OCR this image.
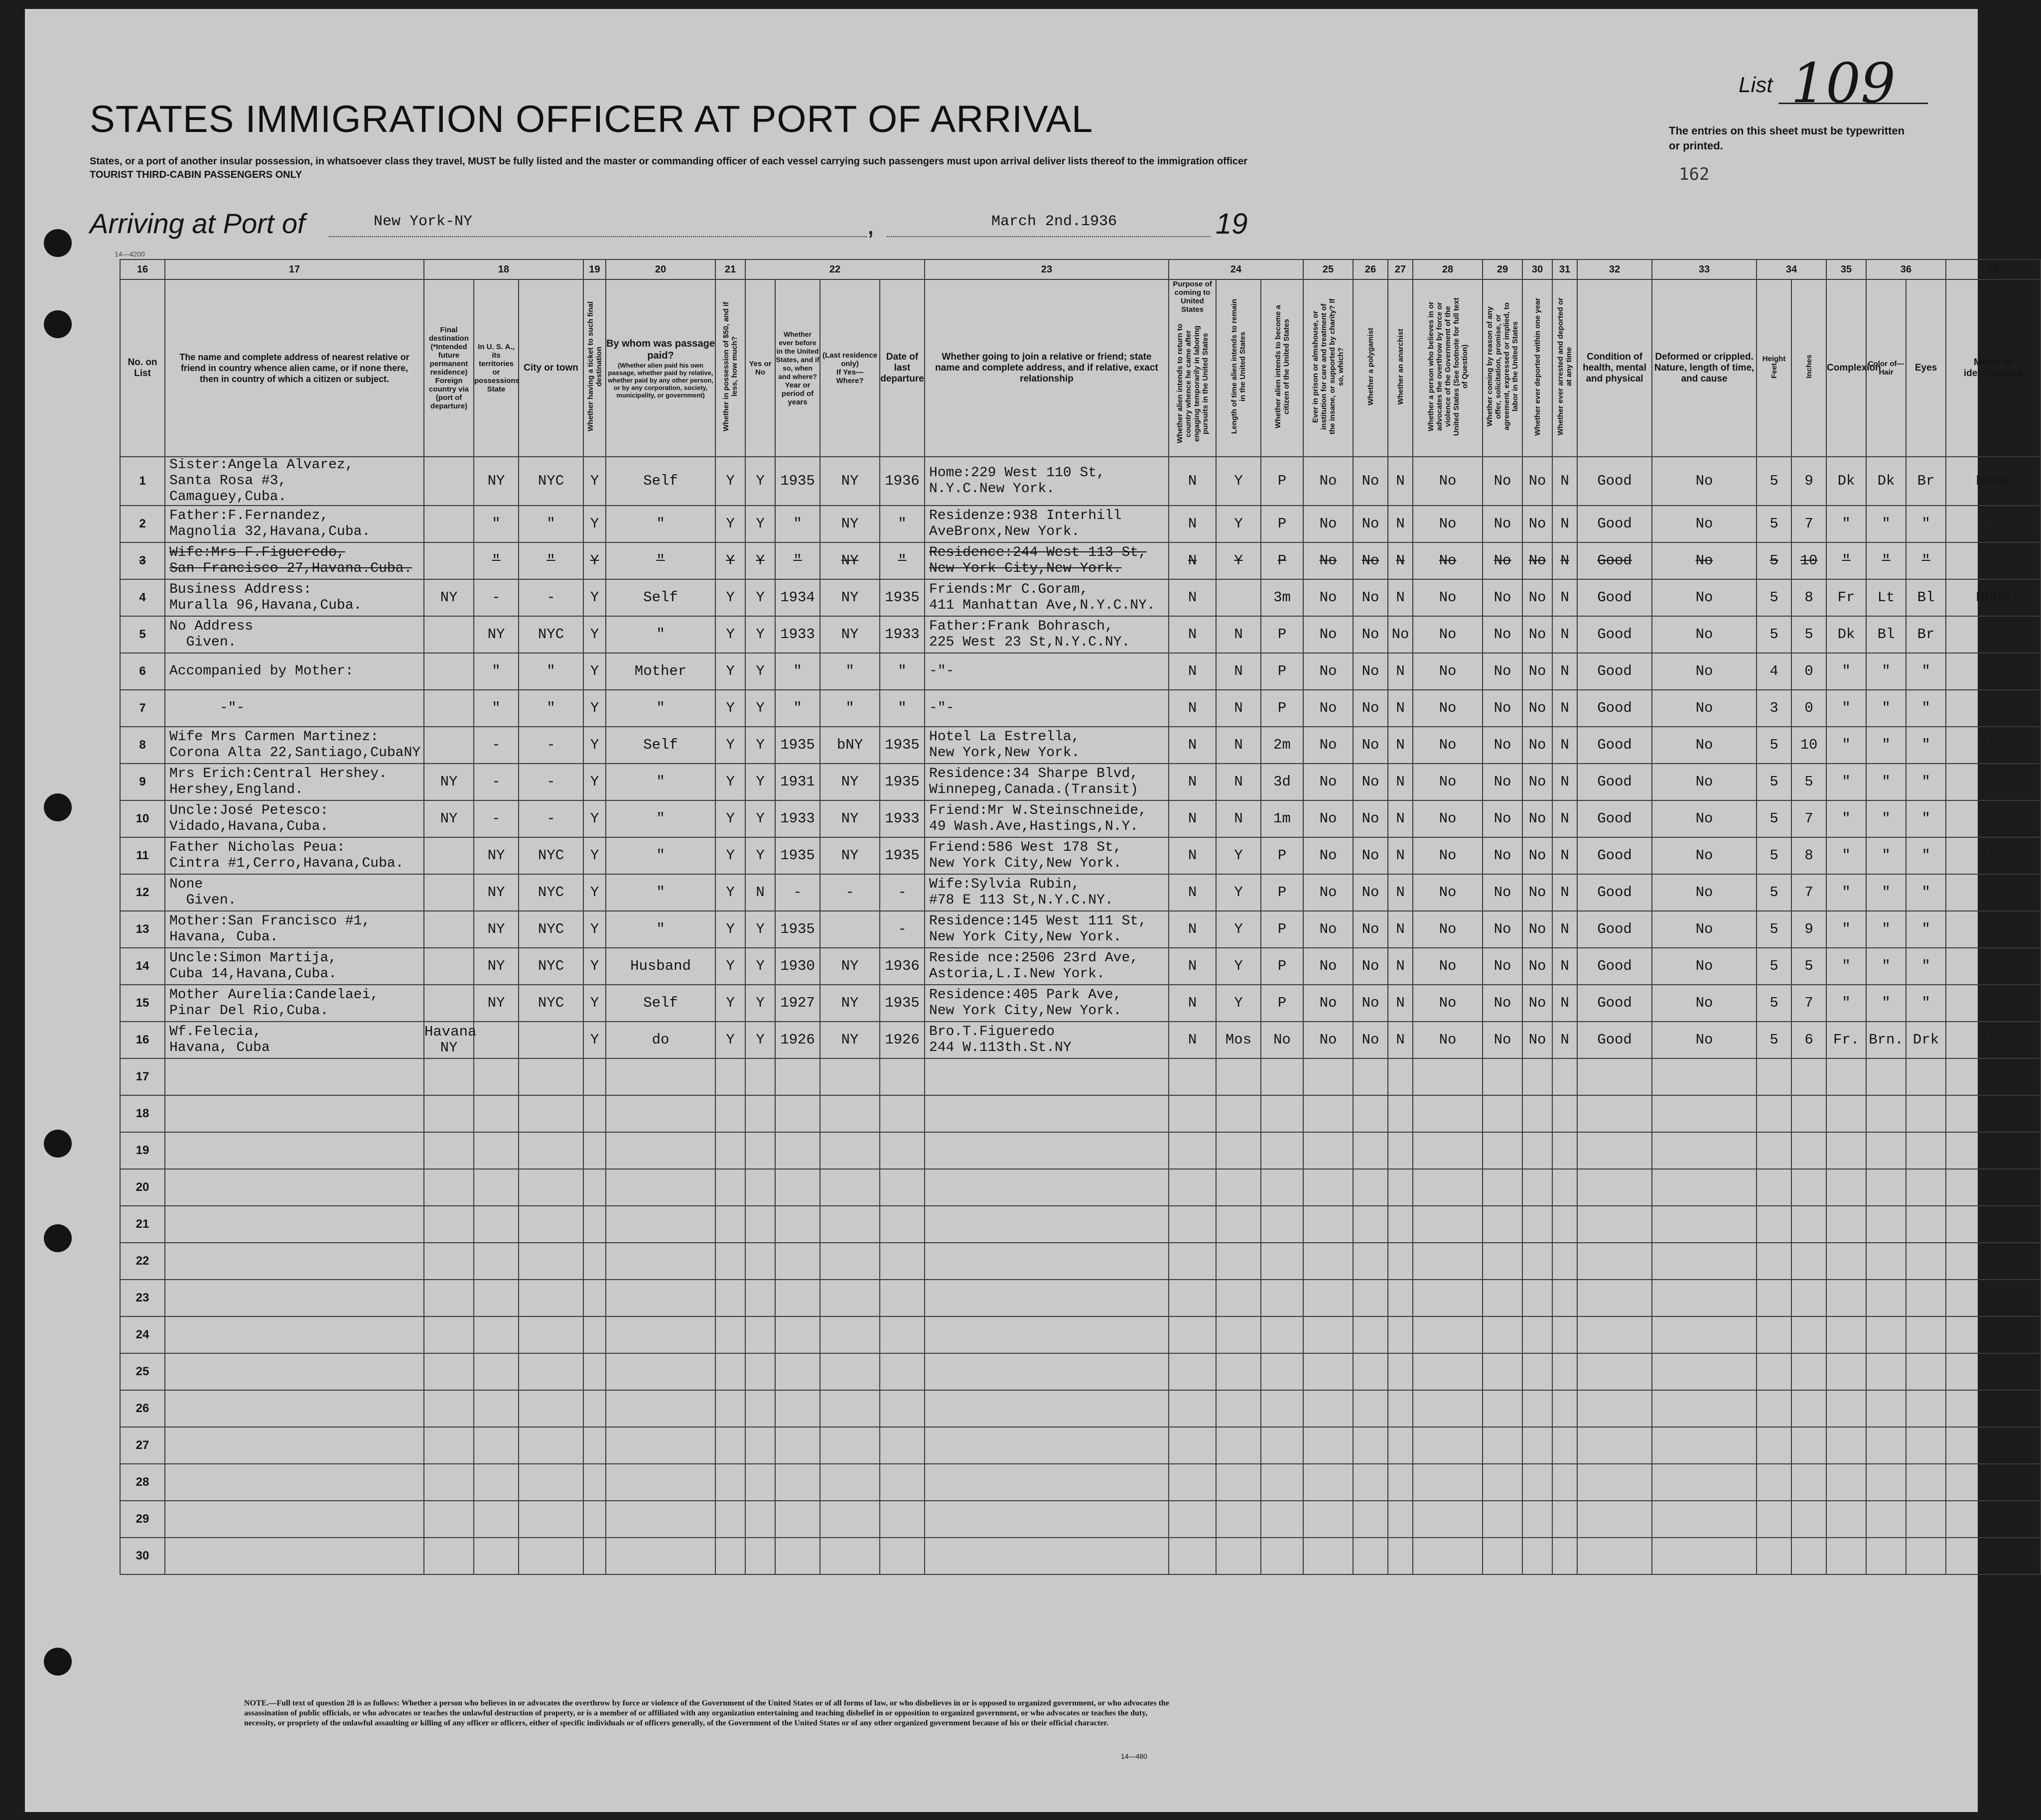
STATES IMMIGRATION OFFICER AT PORT OF ARRIVAL
States, or a port of another insular possession, in whatsoever class they travel, MUST be fully listed and the master or commanding officer of each vessel carrying such passengers must upon arrival deliver lists thereof to the immigration officer
TOURIST THIRD-CABIN PASSENGERS ONLY
List 109
The entries on this sheet must be typewritten or printed.
162
Arriving at Port of	New York-NY	,	March 2nd.1936	19
14—4200
16	17	18			19	20	21	22				23	24			25	26	27	28	29	30	31	32	33	34		35	36		37
No. on List	The name and complete address of nearest relative or friend in country whence alien came, or if none there, then in country of which a citizen or subject.	Final destination
(*Intended future permanent residence)
Foreign country via (port of departure)	In U. S. A., its territories or possessions
State	City or town	Whether having a ticket to such final destination	By whom was passage paid?
(Whether alien paid his own passage, whether paid by relative, whether paid by any other person, or by any corporation, society, municipality, or government)	Whether in possession of $50, and if less, how much?	Yes or No	Whether ever before in the United States, and if so, when and where?
Year or period of years	(Last residence only)
If Yes—
Where?	Date of last departure	Whether going to join a relative or friend; state name and complete address, and if relative, exact relationship	Purpose of coming to United States
Whether alien intends to return to country whence he came after engaging temporarily in laboring pursuits in the United States	Length of time alien intends to remain in the United States	Whether alien intends to become a citizen of the United States	Ever in prison or almshouse, or institution for care and treatment of the insane, or supported by charity? If so, which?	Whether a polygamist	Whether an anarchist	Whether a person who believes in or advocates the overthrow by force or violence of the Government of the United States (See footnote for full text of Question)	Whether coming by reason of any offer, solicitation, promise, or agreement, expressed or implied, to labor in the United States	Whether ever deported within one year	Whether ever arrested and deported or at any time	Condition of health, mental and physical	Deformed or crippled. Nature, length of time, and cause	Height
Feet	Inches	Complexion	Color of—
Hair	Eyes	Marks of identification
1	Sister:Angela Alvarez,
Santa Rosa #3,
Camaguey,Cuba.		NY	NYC	Y	Self	Y	Y	1935	NY	1936	Home:229 West 110 St,
N.Y.C.New York.	N	Y	P	No	No	N	No	No	No	N	Good	No	5	9	Dk	Dk	Br	None
2	Father:F.Fernandez,
Magnolia 32,Havana,Cuba.		"	"	Y	"	Y	Y	"	NY	"	Residenze:938 Interhill
AveBronx,New York.	N	Y	P	No	No	N	No	No	No	N	Good	No	5	7	"	"	"	"
3	Wife:Mrs F.Figueredo,
San Francisco 27,Havana.Cuba.		"	"	Y	"	Y	Y	"	NY	"	Residence:244 West 113 St,
New York City,New York.	N	Y	P	No	No	N	No	No	No	N	Good	No	5	10	"	"	"	"
4	Business Address:
Muralla 96,Havana,Cuba.	NY	-	-	Y	Self	Y	Y	1934	NY	1935	Friends:Mr C.Goram,
411 Manhattan Ave,N.Y.C.NY.	N		3m	No	No	N	No	No	No	N	Good	No	5	8	Fr	Lt	Bl	None
5	No Address
Given.		NY	NYC	Y	"	Y	Y	1933	NY	1933	Father:Frank Bohrasch,
225 West 23 St,N.Y.C.NY.	N	N	P	No	No	No	No	No	No	N	Good	No	5	5	Dk	Bl	Br	"
6	Accompanied by Mother:		"	"	Y	Mother	Y	Y	"	"	"	-"-	N	N	P	No	No	N	No	No	No	N	Good	No	4	0	"	"	"	"
7	-"-		"	"	Y	"	Y	Y	"	"	"	-"-	N	N	P	No	No	N	No	No	No	N	Good	No	3	0	"	"	"	"
8	Wife Mrs Carmen Martinez:
Corona Alta 22,Santiago,CubaNY		-	-	Y	Self	Y	Y	1935	bNY	1935	Hotel La Estrella,
New York,New York.	N	N	2m	No	No	N	No	No	No	N	Good	No	5	10	"	"	"	"
9	Mrs Erich:Central Hershey.
Hershey,England.	NY	-	-	Y	"	Y	Y	1931	NY	1935	Residence:34 Sharpe Blvd,
Winnepeg,Canada.(Transit)	N	N	3d	No	No	N	No	No	No	N	Good	No	5	5	"	"	"	"
10	Uncle:José Petesco:
Vidado,Havana,Cuba.	NY	-	-	Y	"	Y	Y	1933	NY	1933	Friend:Mr W.Steinschneide,
49 Wash.Ave,Hastings,N.Y.	N	N	1m	No	No	N	No	No	No	N	Good	No	5	7	"	"	"	"
11	Father Nicholas Peua:
Cintra #1,Cerro,Havana,Cuba.		NY	NYC	Y	"	Y	Y	1935	NY	1935	Friend:586 West 178 St,
New York City,New York.	N	Y	P	No	No	N	No	No	No	N	Good	No	5	8	"	"	"	"
12	None
Given.		NY	NYC	Y	"	Y	N	-	-	-	Wife:Sylvia Rubin,
#78 E 113 St,N.Y.C.NY.	N	Y	P	No	No	N	No	No	No	N	Good	No	5	7	"	"	"	"
13	Mother:San Francisco #1,
Havana, Cuba.		NY	NYC	Y	"	Y	Y	1935		-	Residence:145 West 111 St,
New York City,New York.	N	Y	P	No	No	N	No	No	No	N	Good	No	5	9	"	"	"	"
14	Uncle:Simon Martija,
Cuba 14,Havana,Cuba.		NY	NYC	Y	Husband	Y	Y	1930	NY	1936	Reside nce:2506 23rd Ave,
Astoria,L.I.New York.	N	Y	P	No	No	N	No	No	No	N	Good	No	5	5	"	"	"	"
15	Mother Aurelia:Candelaei,
Pinar Del Rio,Cuba.		NY	NYC	Y	Self	Y	Y	1927	NY	1935	Residence:405 Park Ave,
New York City,New York.	N	Y	P	No	No	N	No	No	No	N	Good	No	5	7	"	"	"	"
16	Wf.Felecia,
Havana, Cuba	Havana
NY			Y	do	Y	Y	1926	NY	1926	Bro.T.Figueredo
244 W.113th.St.NY	N	Mos	No	No	No	N	No	No	No	N	Good	No	5	6	Fr.	Brn.	Drk	"
17																														
18																														
19																														
20																														
21																														
22																														
23																														
24																														
25																														
26																														
27																														
28																														
29																														
30																														
NOTE.—Full text of question 28 is as follows: Whether a person who believes in or advocates the overthrow by force or violence of the Government of the United States or of all forms of law, or who disbelieves in or is opposed to organized government, or who advocates the assassination of public officials, or who advocates or teaches the unlawful destruction of property, or is a member of or affiliated with any organization entertaining and teaching disbelief in or opposition to organized government, or who advocates or teaches the duty, necessity, or propriety of the unlawful assaulting or killing of any officer or officers, either of specific individuals or of officers generally, of the Government of the United States or of any other organized government because of his or their official character.
14—480
